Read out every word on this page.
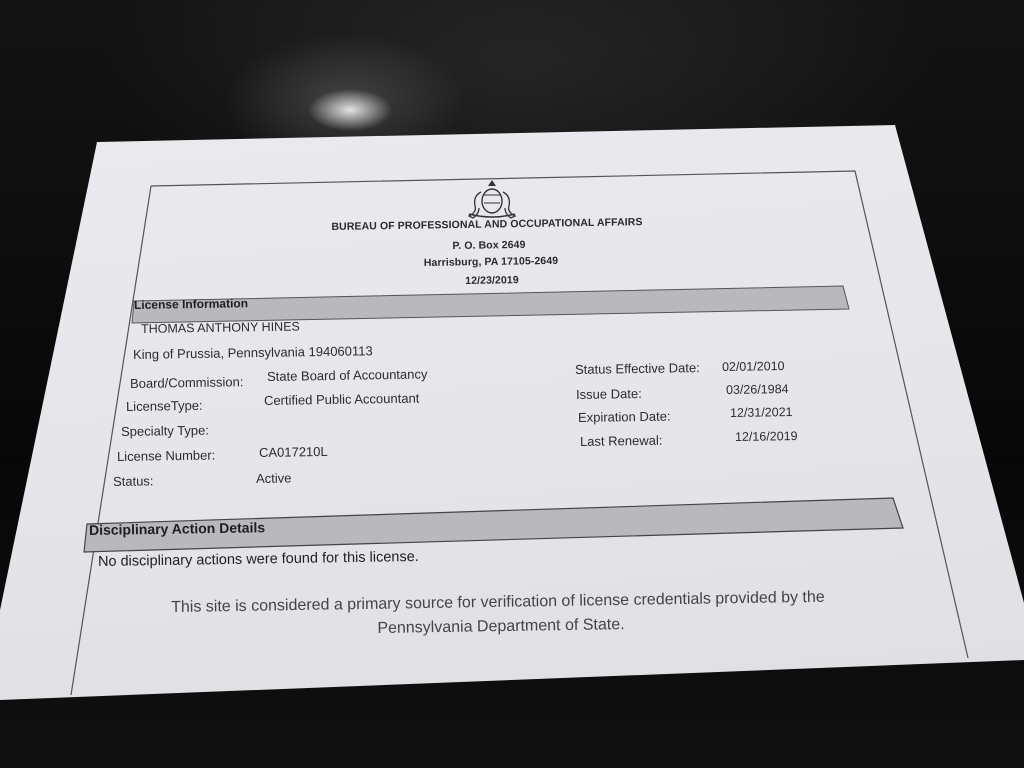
BUREAU OF PROFESSIONAL AND OCCUPATIONAL AFFAIRS
P. O. Box 2649
Harrisburg, PA 17105-2649
12/23/2019
License Information
THOMAS ANTHONY HINES
King of Prussia, Pennsylvania 194060113
Board/Commission: State Board of Accountancy
LicenseType:	Certified Public Accountant
Specialty Type:
License Number:	CA017210L
Status:	Active
Status Effective Date: 02/01/2010
Issue Date:	03/26/1984
Expiration Date:	12/31/2021
Last Renewal:	12/16/2019
Disciplinary Action Details
No disciplinary actions were found for this license.
This site is considered a primary source for verification of license credentials provided by the
Pennsylvania Department of State.
